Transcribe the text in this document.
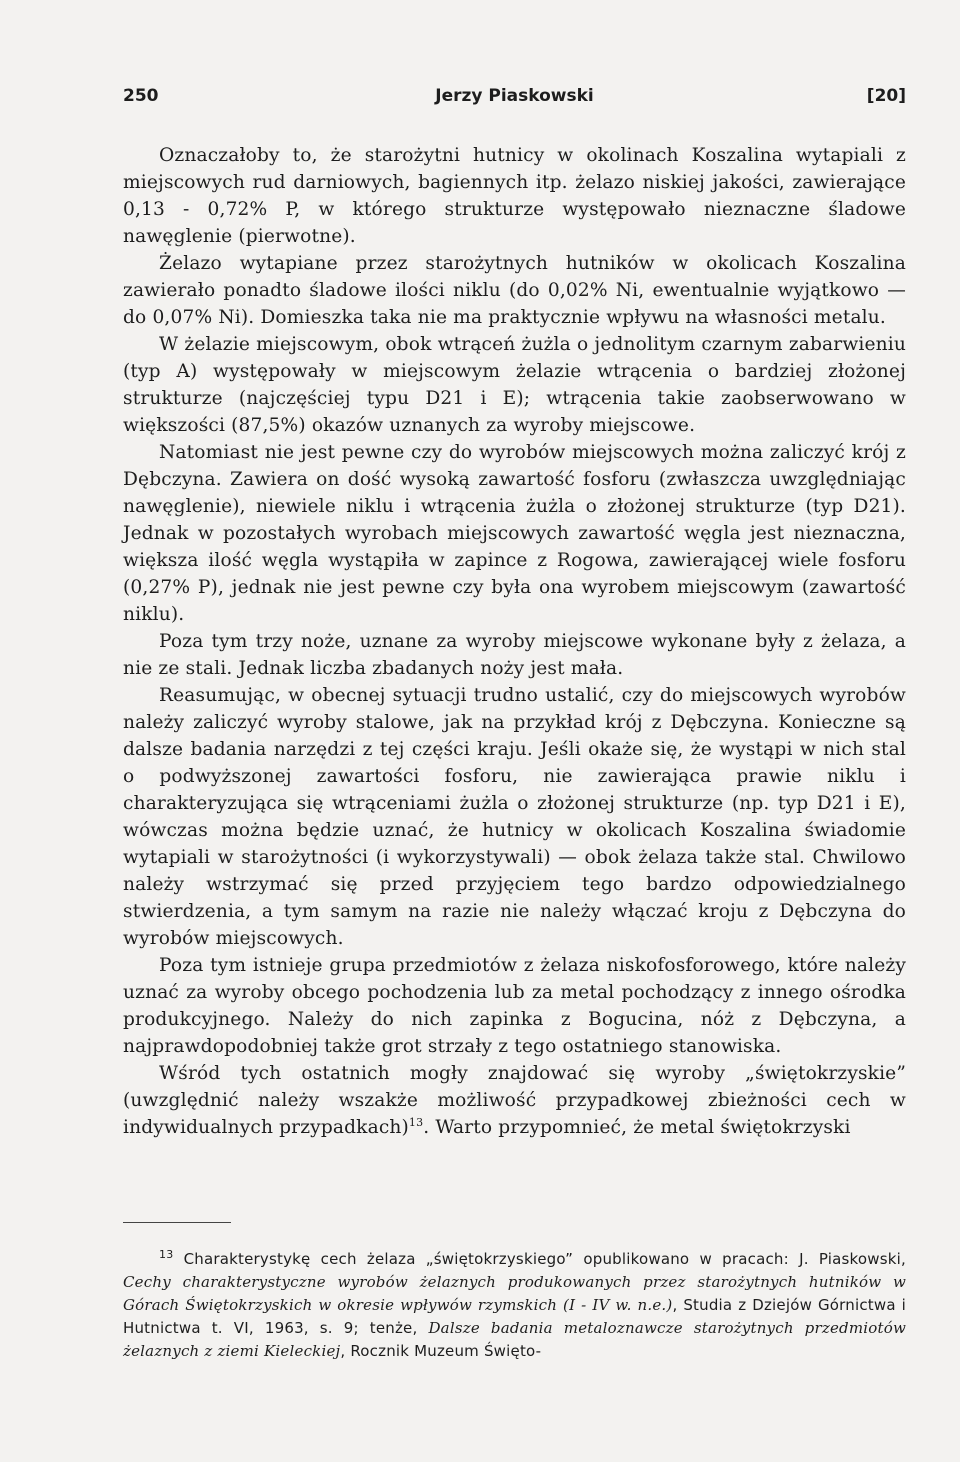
250	Jerzy Piaskowski	[20]

Oznaczałoby to, że starożytni hutnicy w okolinach Koszalina wytapiali z miejscowych rud darniowych, bagiennych itp. żelazo niskiej jakości, zawierające 0,13 - 0,72% P, w którego strukturze występowało nieznaczne śladowe nawęglenie (pierwotne).

Żelazo wytapiane przez starożytnych hutników w okolicach Koszalina zawierało ponadto śladowe ilości niklu (do 0,02% Ni, ewentualnie wyjątkowo — do 0,07% Ni). Domieszka taka nie ma praktycznie wpływu na własności metalu.

W żelazie miejscowym, obok wtrąceń żużla o jednolitym czarnym zabarwieniu (typ A) występowały w miejscowym żelazie wtrącenia o bardziej złożonej strukturze (najczęściej typu D21 i E); wtrącenia takie zaobserwowano w większości (87,5%) okazów uznanych za wyroby miejscowe.

Natomiast nie jest pewne czy do wyrobów miejscowych można zaliczyć krój z Dębczyna. Zawiera on dość wysoką zawartość fosforu (zwłaszcza uwzględniając nawęglenie), niewiele niklu i wtrącenia żużla o złożonej strukturze (typ D21). Jednak w pozostałych wyrobach miejscowych zawartość węgla jest nieznaczna, większa ilość węgla wystąpiła w zapince z Rogowa, zawierającej wiele fosforu (0,27% P), jednak nie jest pewne czy była ona wyrobem miejscowym (zawartość niklu).

Poza tym trzy noże, uznane za wyroby miejscowe wykonane były z żelaza, a nie ze stali. Jednak liczba zbadanych noży jest mała.

Reasumując, w obecnej sytuacji trudno ustalić, czy do miejscowych wyrobów należy zaliczyć wyroby stalowe, jak na przykład krój z Dębczyna. Konieczne są dalsze badania narzędzi z tej części kraju. Jeśli okaże się, że wystąpi w nich stal o podwyższonej zawartości fosforu, nie zawierająca prawie niklu i charakteryzująca się wtrąceniami żużla o złożonej strukturze (np. typ D21 i E), wówczas można będzie uznać, że hutnicy w okolicach Koszalina świadomie wytapiali w starożytności (i wykorzystywali) — obok żelaza także stal. Chwilowo należy wstrzymać się przed przyjęciem tego bardzo odpowiedzialnego stwierdzenia, a tym samym na razie nie należy włączać kroju z Dębczyna do wyrobów miejscowych.

Poza tym istnieje grupa przedmiotów z żelaza niskofosforowego, które należy uznać za wyroby obcego pochodzenia lub za metal pochodzący z innego ośrodka produkcyjnego. Należy do nich zapinka z Bogucina, nóż z Dębczyna, a najprawdopodobniej także grot strzały z tego ostatniego stanowiska.

Wśród tych ostatnich mogły znajdować się wyroby „świętokrzyskie” (uwzględnić należy wszakże możliwość przypadkowej zbieżności cech w indywidualnych przypadkach)$^{13}$. Warto przypomnieć, że metal świętokrzyski

$^{13}$ Charakterystykę cech żelaza „świętokrzyskiego” opublikowano w pracach: J. Piaskowski, Cechy charakterystyczne wyrobów żelaznych produkowanych przez starożytnych hutników w Górach Świętokrzyskich w okresie wpływów rzymskich (I - IV w. n.e.), Studia z Dziejów Górnictwa i Hutnictwa t. VI, 1963, s. 9; tenże, Dalsze badania metaloznawcze starożytnych przedmiotów żelaznych z ziemi Kieleckiej, Rocznik Muzeum Święto-
